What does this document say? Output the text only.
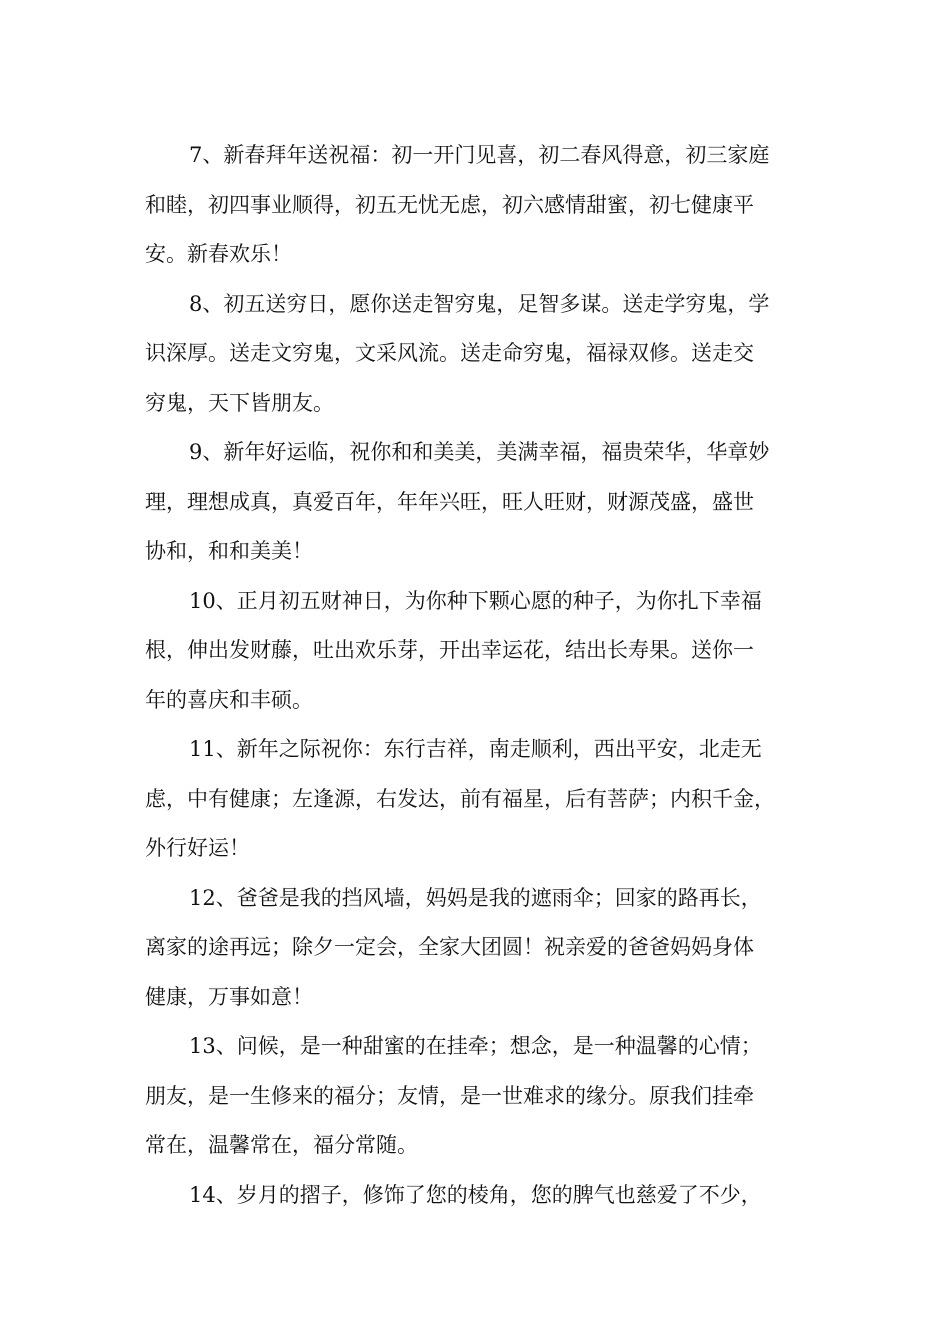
7、新春拜年送祝福：初一开门见喜，初二春风得意，初三家庭
和睦，初四事业顺得，初五无忧无虑，初六感情甜蜜，初七健康平
安。新春欢乐！
8、初五送穷日，愿你送走智穷鬼，足智多谋。送走学穷鬼，学
识深厚。送走文穷鬼，文采风流。送走命穷鬼，福禄双修。送走交
穷鬼，天下皆朋友。
9、新年好运临，祝你和和美美，美满幸福，福贵荣华，华章妙
理，理想成真，真爱百年，年年兴旺，旺人旺财，财源茂盛，盛世
协和，和和美美！
10、正月初五财神日，为你种下颗心愿的种子，为你扎下幸福
根，伸出发财藤，吐出欢乐芽，开出幸运花，结出长寿果。送你一
年的喜庆和丰硕。
11、新年之际祝你：东行吉祥，南走顺利，西出平安，北走无
虑，中有健康；左逢源，右发达，前有福星，后有菩萨；内积千金，
外行好运！
12、爸爸是我的挡风墙，妈妈是我的遮雨伞；回家的路再长，
离家的途再远；除夕一定会，全家大团圆！祝亲爱的爸爸妈妈身体
健康，万事如意！
13、问候，是一种甜蜜的在挂牵；想念，是一种温馨的心情；
朋友，是一生修来的福分；友情，是一世难求的缘分。原我们挂牵
常在，温馨常在，福分常随。
14、岁月的摺子，修饰了您的棱角，您的脾气也慈爱了不少，
